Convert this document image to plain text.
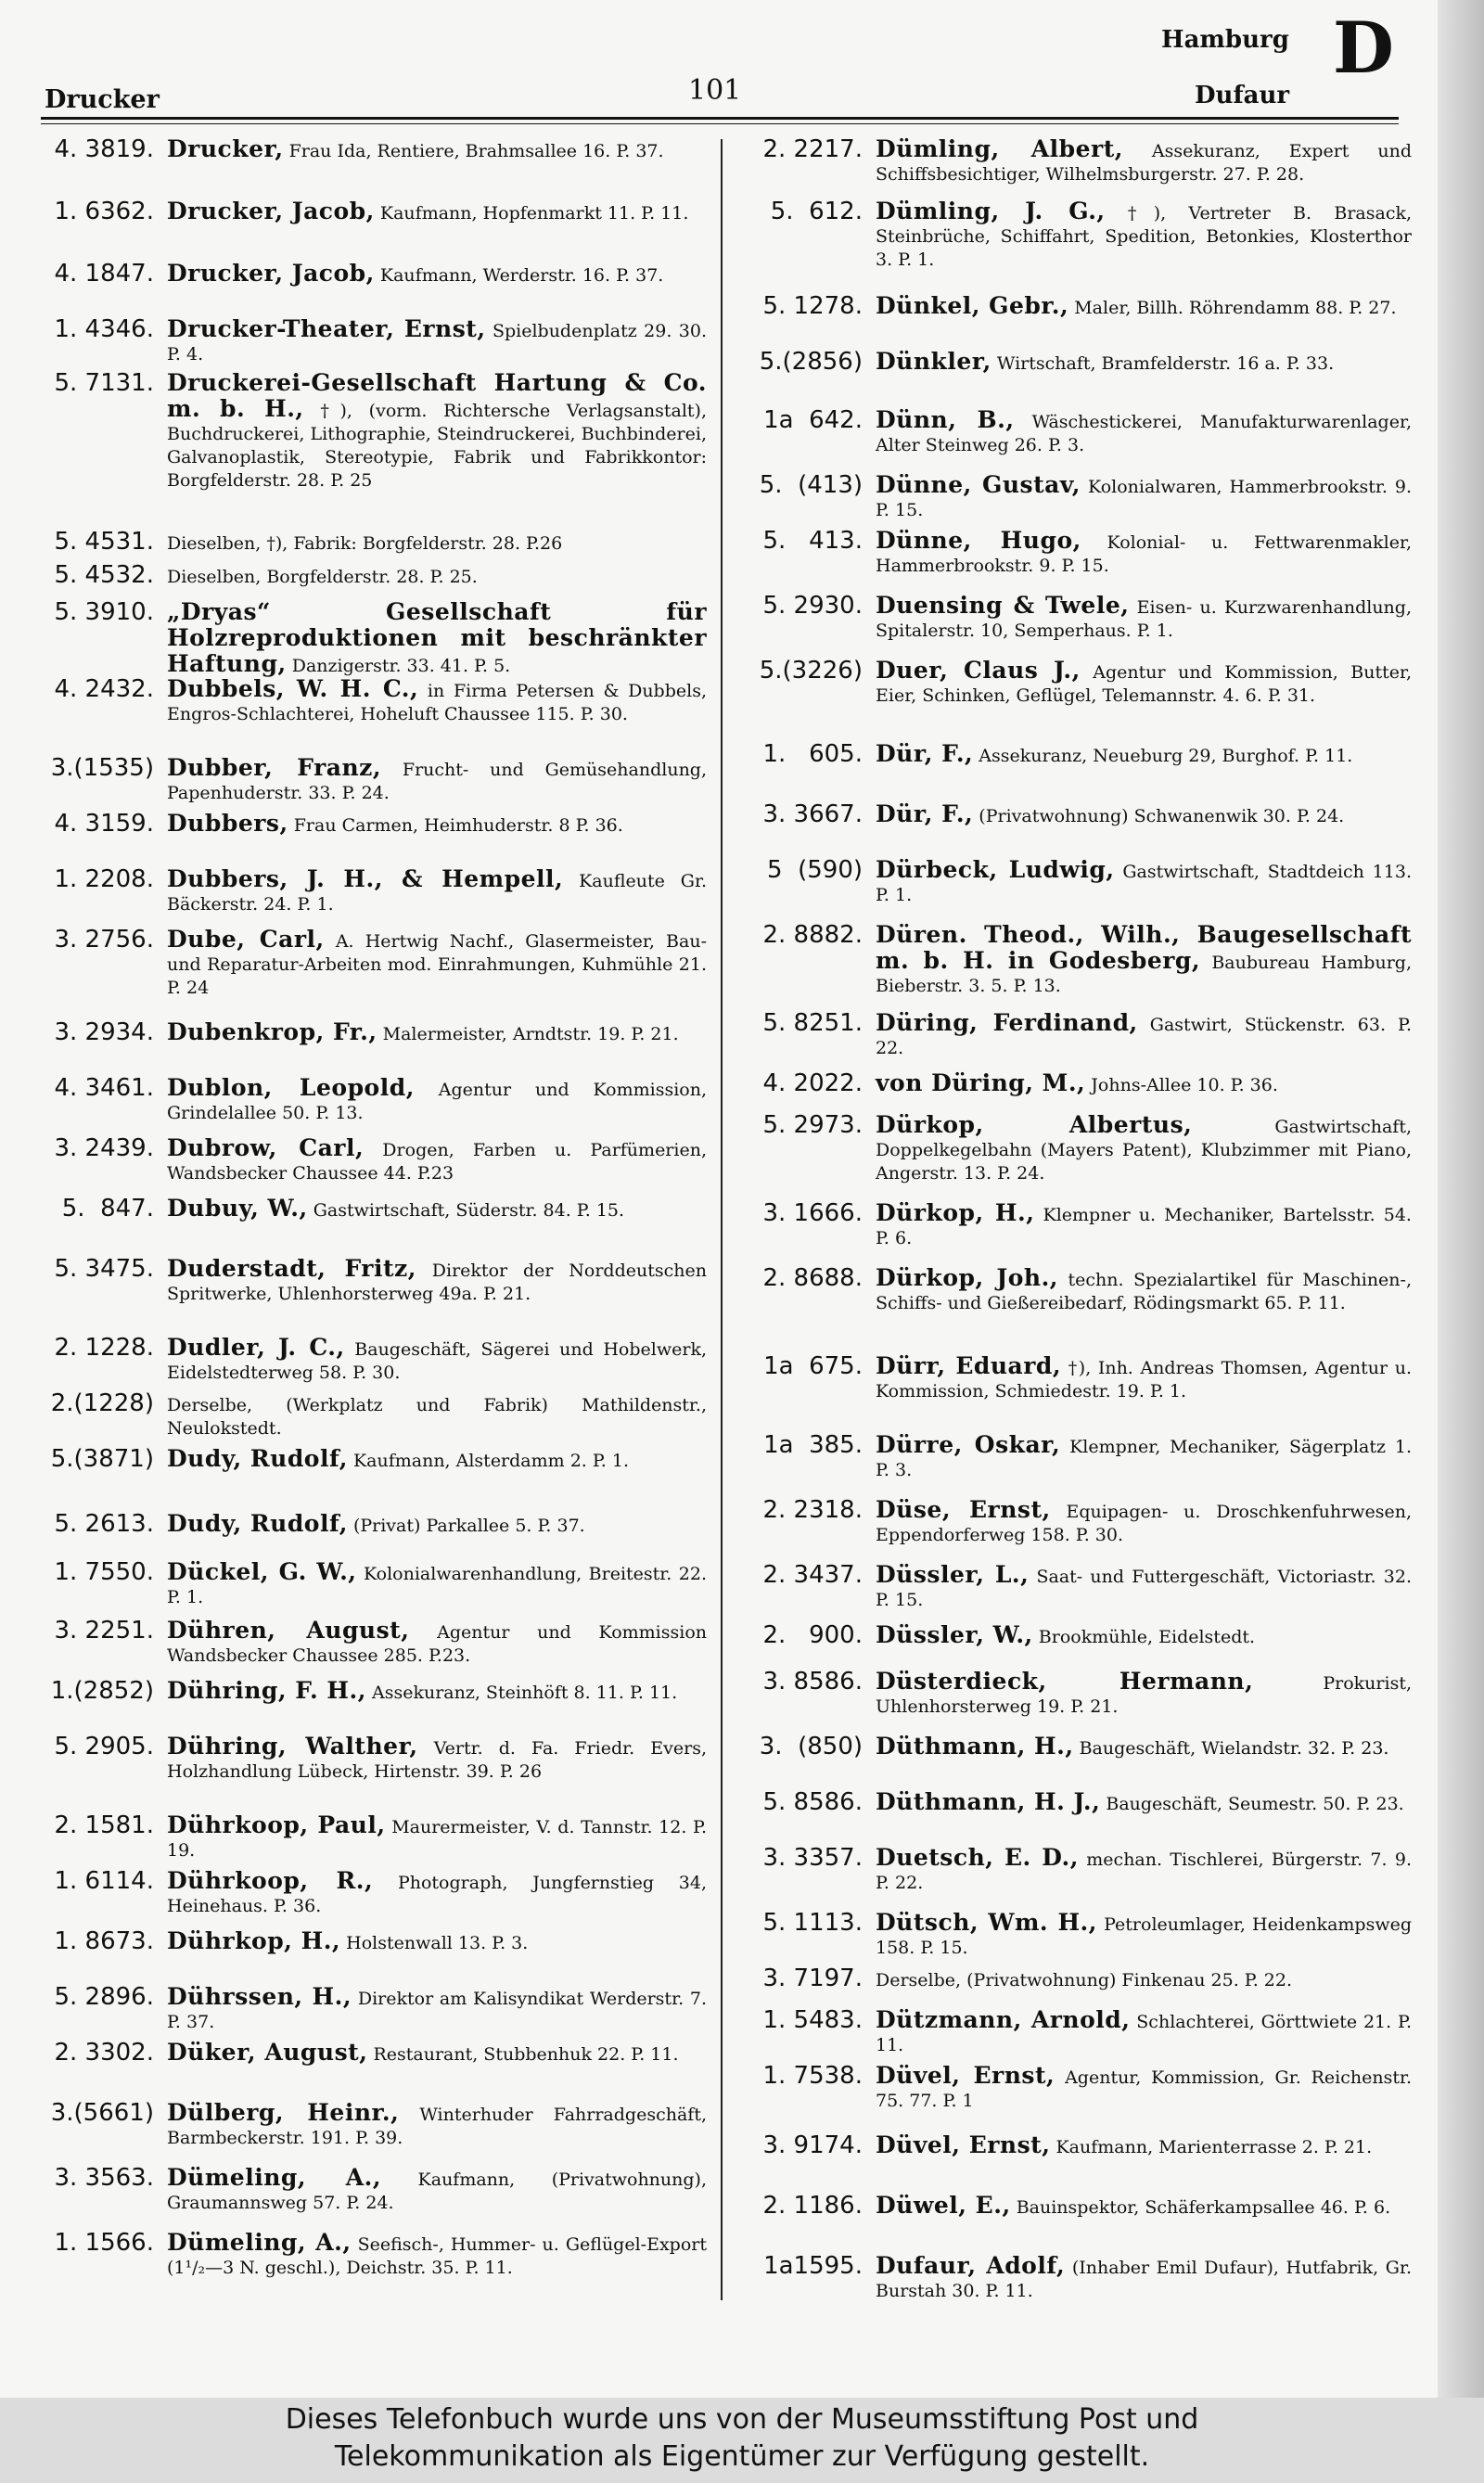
Drucker	101
Hamburg
Dufaur
D
4. 3819. Drucker, Frau Ida, Rentiere, Brahmsallee 16. P. 37.
1. 6362. Drucker, Jacob, Kaufmann, Hopfenmarkt 11. P. 11.
4. 1847. Drucker, Jacob, Kaufmann, Werderstr. 16. P. 37.
1. 4346. Drucker-Theater, Ernst, Spielbudenplatz 29. 30. P. 4.
5. 7131. Druckerei-Gesellschaft Hartung & Co. m. b. H., †), (vorm. Richtersche Verlagsanstalt), Buchdruckerei, Lithographie, Steindruckerei, Buchbinderei, Galvanoplastik, Stereotypie, Fabrik und Fabrikkontor: Borgfelderstr. 28. P. 25
5. 4531. Dieselben, †), Fabrik: Borgfelderstr. 28. P.26
5. 4532. Dieselben, Borgfelderstr. 28. P. 25.
5. 3910. „Dryas“ Gesellschaft für Holzreproduktionen mit beschränkter Haftung, Danzigerstr. 33. 41. P. 5.
4. 2432. Dubbels, W. H. C., in Firma Petersen & Dubbels, Engros-Schlachterei, Hoheluft Chaussee 115. P. 30.
3.(1535) Dubber, Franz, Frucht- und Gemüsehandlung, Papenhuderstr. 33. P. 24.
4. 3159. Dubbers, Frau Carmen, Heimhuderstr. 8 P. 36.
1. 2208. Dubbers, J. H., & Hempell, Kaufleute Gr. Bäckerstr. 24. P. 1.
3. 2756. Dube, Carl, A. Hertwig Nachf., Glasermeister, Bau- und Reparatur-Arbeiten mod. Einrahmungen, Kuhmühle 21. P. 24
3. 2934. Dubenkrop, Fr., Malermeister, Arndtstr. 19. P. 21.
4. 3461. Dublon, Leopold, Agentur und Kommission, Grindelallee 50. P. 13.
3. 2439. Dubrow, Carl, Drogen, Farben u. Parfümerien, Wandsbecker Chaussee 44. P.23
5.  847. Dubuy, W., Gastwirtschaft, Süderstr. 84. P. 15.
5. 3475. Duderstadt, Fritz, Direktor der Norddeutschen Spritwerke, Uhlenhorsterweg 49a. P. 21.
2. 1228. Dudler, J. C., Baugeschäft, Sägerei und Hobelwerk, Eidelstedterweg 58. P. 30.
2.(1228) Derselbe, (Werkplatz und Fabrik) Mathildenstr., Neulokstedt.
5.(3871) Dudy, Rudolf, Kaufmann, Alsterdamm 2. P. 1.
5. 2613. Dudy, Rudolf, (Privat) Parkallee 5. P. 37.
1. 7550. Dückel, G. W., Kolonialwarenhandlung, Breitestr. 22. P. 1.
3. 2251. Dühren, August, Agentur und Kommission Wandsbecker Chaussee 285. P.23.
1.(2852) Dühring, F. H., Assekuranz, Steinhöft 8. 11. P. 11.
5. 2905. Dühring, Walther, Vertr. d. Fa. Friedr. Evers, Holzhandlung Lübeck, Hirtenstr. 39. P. 26
2. 1581. Dührkoop, Paul, Maurermeister, V. d. Tannstr. 12. P. 19.
1. 6114. Dührkoop, R., Photograph, Jungfernstieg 34, Heinehaus. P. 36.
1. 8673. Dührkop, H., Holstenwall 13. P. 3.
5. 2896. Dührssen, H., Direktor am Kalisyndikat Werderstr. 7. P. 37.
2. 3302. Düker, August, Restaurant, Stubbenhuk 22. P. 11.
3.(5661) Dülberg, Heinr., Winterhuder Fahrradgeschäft, Barmbeckerstr. 191. P. 39.
3. 3563. Dümeling, A., Kaufmann, (Privatwohnung), Graumannsweg 57. P. 24.
1. 1566. Dümeling, A., Seefisch-, Hummer- u. Geflügel-Export (1¹/₂—3 N. geschl.), Deichstr. 35. P. 11.
2. 2217. Dümling, Albert, Assekuranz, Expert und Schiffsbesichtiger, Wilhelmsburgerstr. 27. P. 28.
5.  612. Dümling, J. G., †), Vertreter B. Brasack, Steinbrüche, Schiffahrt, Spedition, Betonkies, Klosterthor 3. P. 1.
5. 1278. Dünkel, Gebr., Maler, Billh. Röhrendamm 88. P. 27.
5.(2856) Dünkler, Wirtschaft, Bramfelderstr. 16 a. P. 33.
1a  642. Dünn, B., Wäschestickerei, Manufakturwarenlager, Alter Steinweg 26. P. 3.
5.  (413) Dünne, Gustav, Kolonialwaren, Hammerbrookstr. 9. P. 15.
5.   413. Dünne, Hugo, Kolonial- u. Fettwarenmakler, Hammerbrookstr. 9. P. 15.
5. 2930. Duensing & Twele, Eisen- u. Kurzwarenhandlung, Spitalerstr. 10, Semperhaus. P. 1.
5.(3226) Duer, Claus J., Agentur und Kommission, Butter, Eier, Schinken, Geflügel, Telemannstr. 4. 6. P. 31.
1.   605. Dür, F., Assekuranz, Neueburg 29, Burghof. P. 11.
3. 3667. Dür, F., (Privatwohnung) Schwanenwik 30. P. 24.
5  (590) Dürbeck, Ludwig, Gastwirtschaft, Stadtdeich 113. P. 1.
2. 8882. Düren. Theod., Wilh., Baugesellschaft m. b. H. in Godesberg, Baubureau Hamburg, Bieberstr. 3. 5. P. 13.
5. 8251. Düring, Ferdinand, Gastwirt, Stückenstr. 63. P. 22.
4. 2022. von Düring, M., Johns-Allee 10. P. 36.
5. 2973. Dürkop, Albertus, Gastwirtschaft, Doppelkegelbahn (Mayers Patent), Klubzimmer mit Piano, Angerstr. 13. P. 24.
3. 1666. Dürkop, H., Klempner u. Mechaniker, Bartelsstr. 54. P. 6.
2. 8688. Dürkop, Joh., techn. Spezialartikel für Maschinen-, Schiffs- und Gießereibedarf, Rödingsmarkt 65. P. 11.
1a  675. Dürr, Eduard, †), Inh. Andreas Thomsen, Agentur u. Kommission, Schmiedestr. 19. P. 1.
1a  385. Dürre, Oskar, Klempner, Mechaniker, Sägerplatz 1. P. 3.
2. 2318. Düse, Ernst, Equipagen- u. Droschkenfuhrwesen, Eppendorferweg 158. P. 30.
2. 3437. Düssler, L., Saat- und Futtergeschäft, Victoriastr. 32. P. 15.
2.   900. Düssler, W., Brookmühle, Eidelstedt.
3. 8586. Düsterdieck, Hermann, Prokurist, Uhlenhorsterweg 19. P. 21.
3.  (850) Düthmann, H., Baugeschäft, Wielandstr. 32. P. 23.
5. 8586. Düthmann, H. J., Baugeschäft, Seumestr. 50. P. 23.
3. 3357. Duetsch, E. D., mechan. Tischlerei, Bürgerstr. 7. 9. P. 22.
5. 1113. Dütsch, Wm. H., Petroleumlager, Heidenkampsweg 158. P. 15.
3. 7197. Derselbe, (Privatwohnung) Finkenau 25. P. 22.
1. 5483. Dützmann, Arnold, Schlachterei, Görttwiete 21. P. 11.
1. 7538. Düvel, Ernst, Agentur, Kommission, Gr. Reichenstr. 75. 77. P. 1
3. 9174. Düvel, Ernst, Kaufmann, Marienterrasse 2. P. 21.
2. 1186. Düwel, E., Bauinspektor, Schäferkampsallee 46. P. 6.
1a1595. Dufaur, Adolf, (Inhaber Emil Dufaur), Hutfabrik, Gr. Burstah 30. P. 11.
Dieses Telefonbuch wurde uns von der Museumsstiftung Post und
Telekommunikation als Eigentümer zur Verfügung gestellt.
